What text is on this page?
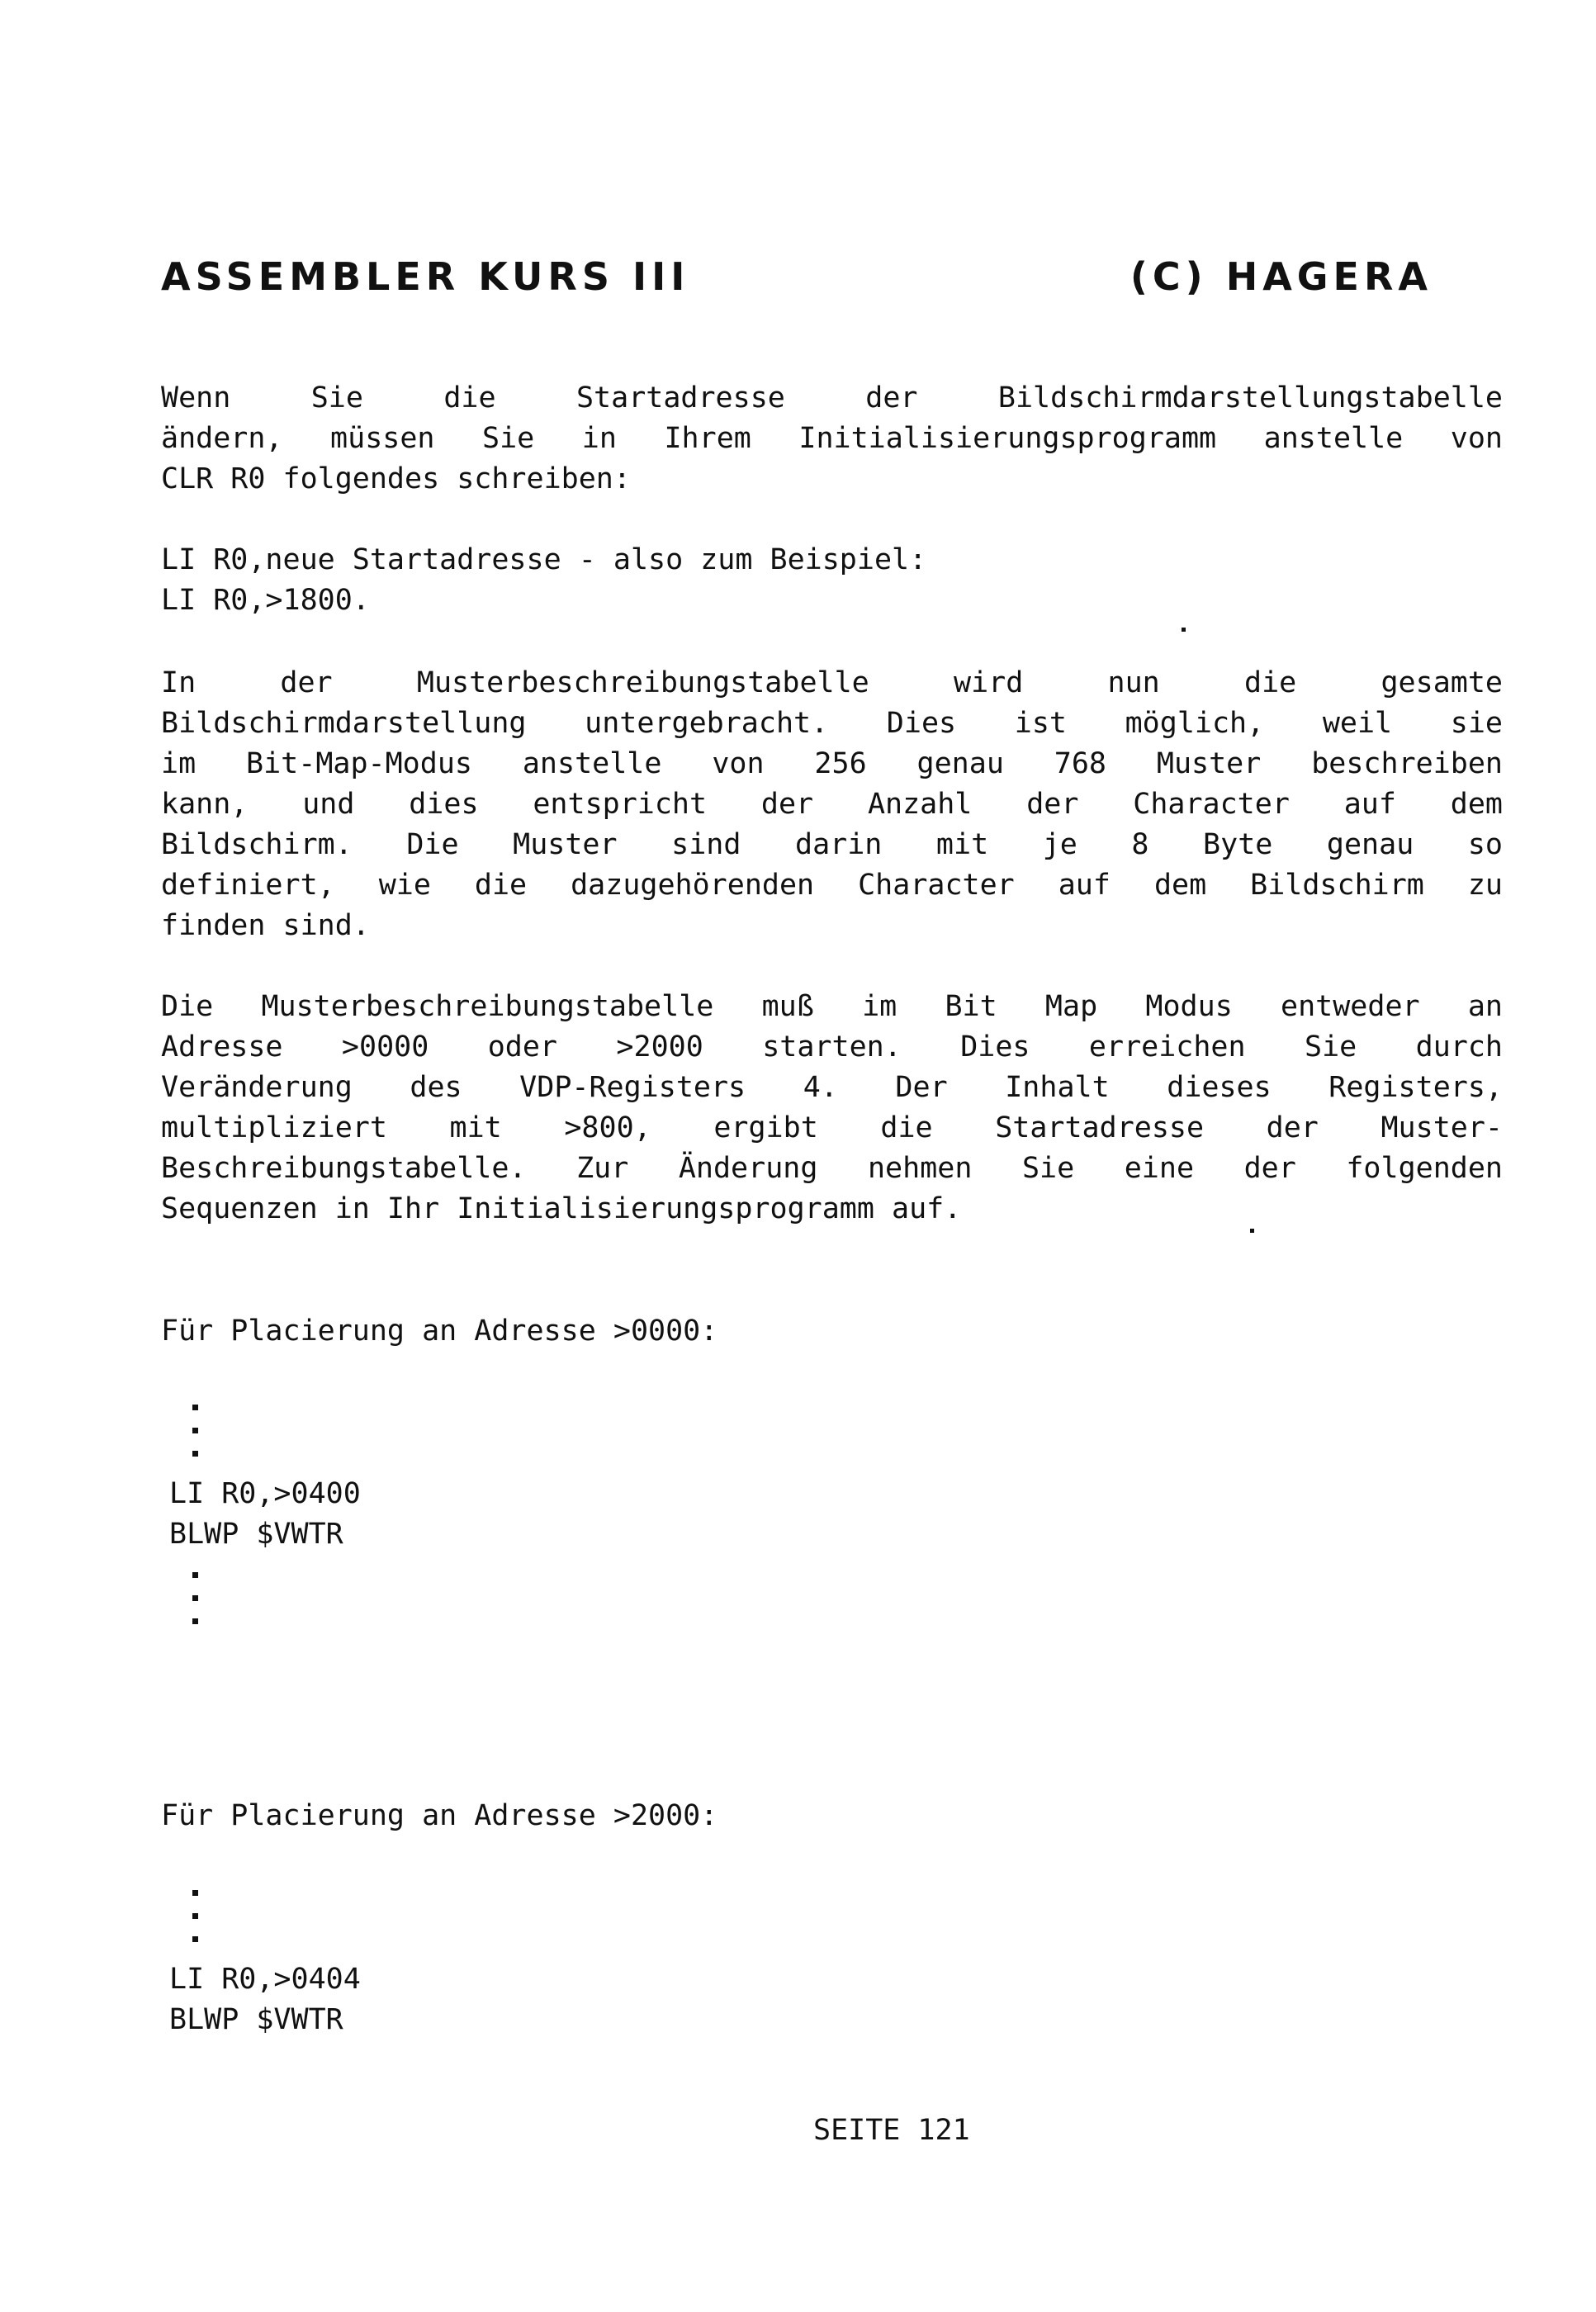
ASSEMBLER KURS III	(C) HAGERA
Wenn Sie die Startadresse der Bildschirmdarstellungstabelle
ändern, müssen Sie in Ihrem Initialisierungsprogramm anstelle von
CLR R0 folgendes schreiben:
LI R0,neue Startadresse - also zum Beispiel:
LI R0,>1800.
In der Musterbeschreibungstabelle wird nun die gesamte
Bildschirmdarstellung untergebracht. Dies ist möglich, weil sie
im Bit-Map-Modus anstelle von 256 genau 768 Muster beschreiben
kann, und dies entspricht der Anzahl der Character auf dem
Bildschirm. Die Muster sind darin mit je 8 Byte genau so
definiert, wie die dazugehörenden Character auf dem Bildschirm zu
finden sind.
Die Musterbeschreibungstabelle muß im Bit Map Modus entweder an
Adresse >0000 oder >2000 starten. Dies erreichen Sie durch
Veränderung des VDP-Registers 4. Der Inhalt dieses Registers,
multipliziert mit >800, ergibt die Startadresse der Muster-
Beschreibungstabelle. Zur Änderung nehmen Sie eine der folgenden
Sequenzen in Ihr Initialisierungsprogramm auf.
Für Placierung an Adresse >0000:
LI R0,>0400
BLWP $VWTR
Für Placierung an Adresse >2000:
LI R0,>0404
BLWP $VWTR
SEITE 121
